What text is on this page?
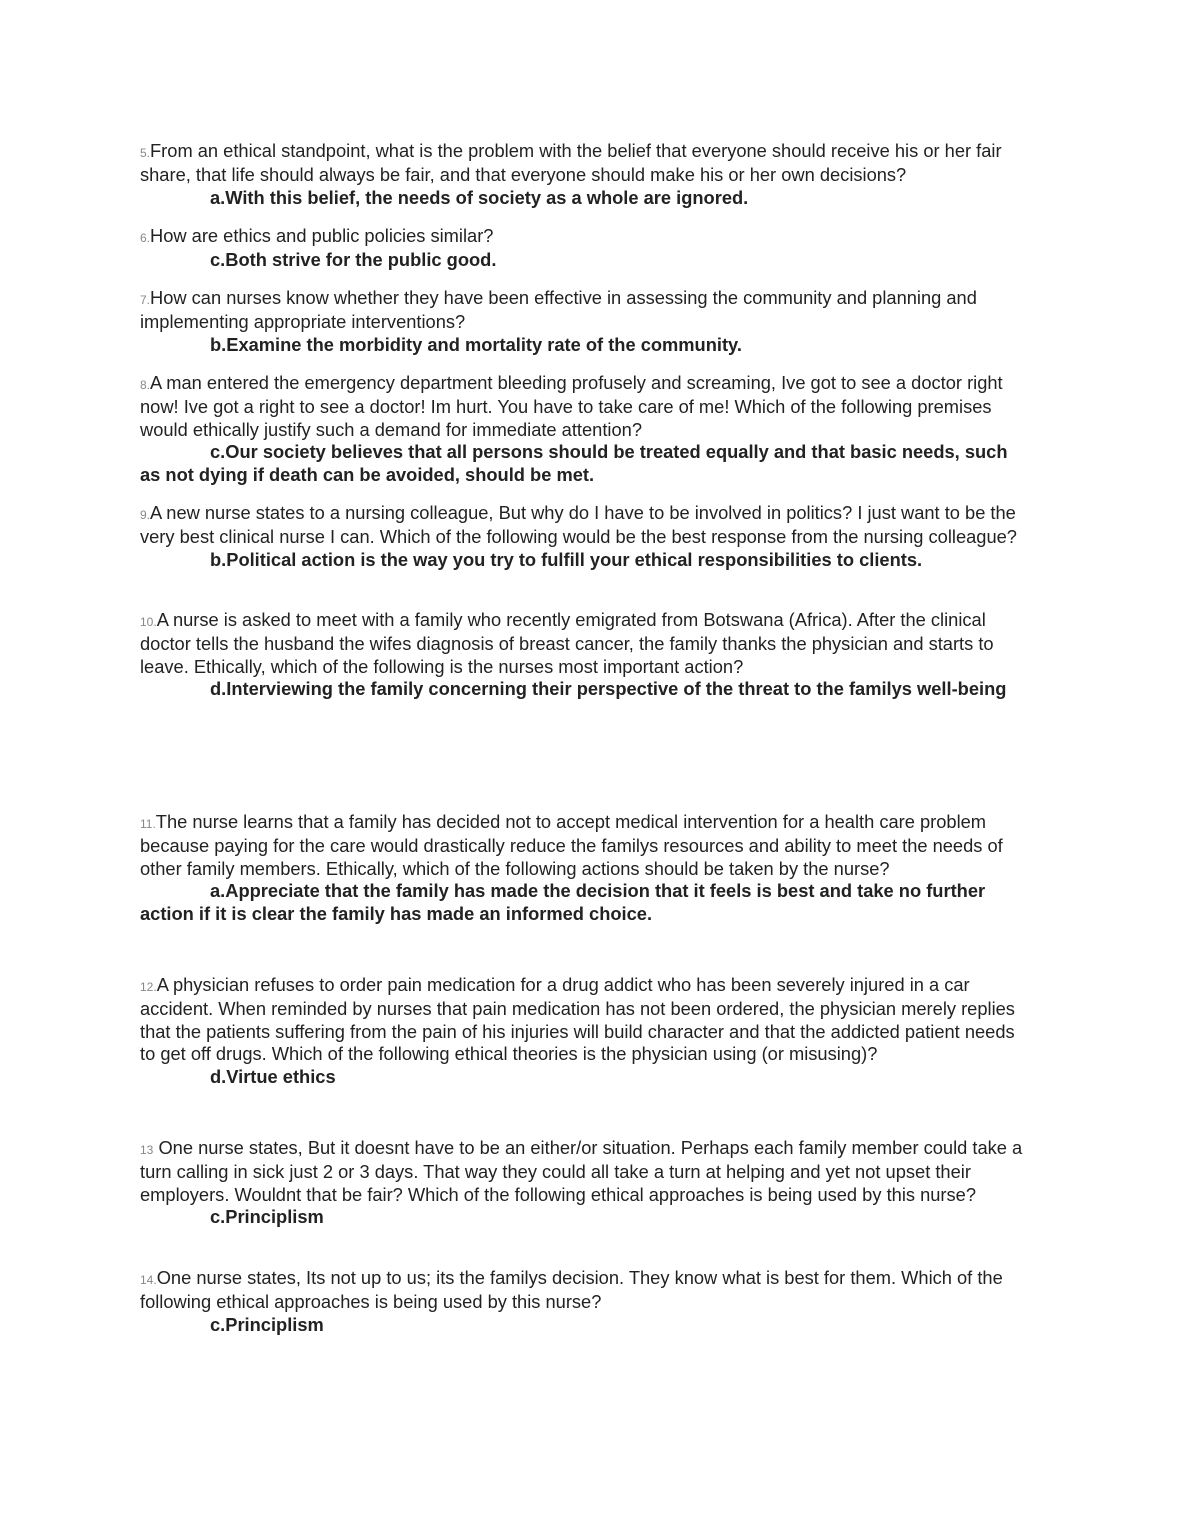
5.From an ethical standpoint, what is the problem with the belief that everyone should receive his or her fair share, that life should always be fair, and that everyone should make his or her own decisions?

a.With this belief, the needs of society as a whole are ignored.

6.How are ethics and public policies similar?

c.Both strive for the public good.

7.How can nurses know whether they have been effective in assessing the community and planning and implementing appropriate interventions?

b.Examine the morbidity and mortality rate of the community.

8.A man entered the emergency department bleeding profusely and screaming, Ive got to see a doctor right now! Ive got a right to see a doctor! Im hurt. You have to take care of me! Which of the following premises would ethically justify such a demand for immediate attention?

c.Our society believes that all persons should be treated equally and that basic needs, such as not dying if death can be avoided, should be met.

9.A new nurse states to a nursing colleague, But why do I have to be involved in politics? I just want to be the very best clinical nurse I can. Which of the following would be the best response from the nursing colleague?

b.Political action is the way you try to fulfill your ethical responsibilities to clients.

10.A nurse is asked to meet with a family who recently emigrated from Botswana (Africa). After the clinical doctor tells the husband the wifes diagnosis of breast cancer, the family thanks the physician and starts to leave. Ethically, which of the following is the nurses most important action?

d.Interviewing the family concerning their perspective of the threat to the familys well-being

11.The nurse learns that a family has decided not to accept medical intervention for a health care problem because paying for the care would drastically reduce the familys resources and ability to meet the needs of other family members. Ethically, which of the following actions should be taken by the nurse?

a.Appreciate that the family has made the decision that it feels is best and take no further action if it is clear the family has made an informed choice.

12.A physician refuses to order pain medication for a drug addict who has been severely injured in a car accident. When reminded by nurses that pain medication has not been ordered, the physician merely replies that the patients suffering from the pain of his injuries will build character and that the addicted patient needs to get off drugs. Which of the following ethical theories is the physician using (or misusing)?

d.Virtue ethics

13 One nurse states, But it doesnt have to be an either/or situation. Perhaps each family member could take a turn calling in sick just 2 or 3 days. That way they could all take a turn at helping and yet not upset their employers. Wouldnt that be fair? Which of the following ethical approaches is being used by this nurse?

c.Principlism

14.One nurse states, Its not up to us; its the familys decision. They know what is best for them. Which of the following ethical approaches is being used by this nurse?

c.Principlism
